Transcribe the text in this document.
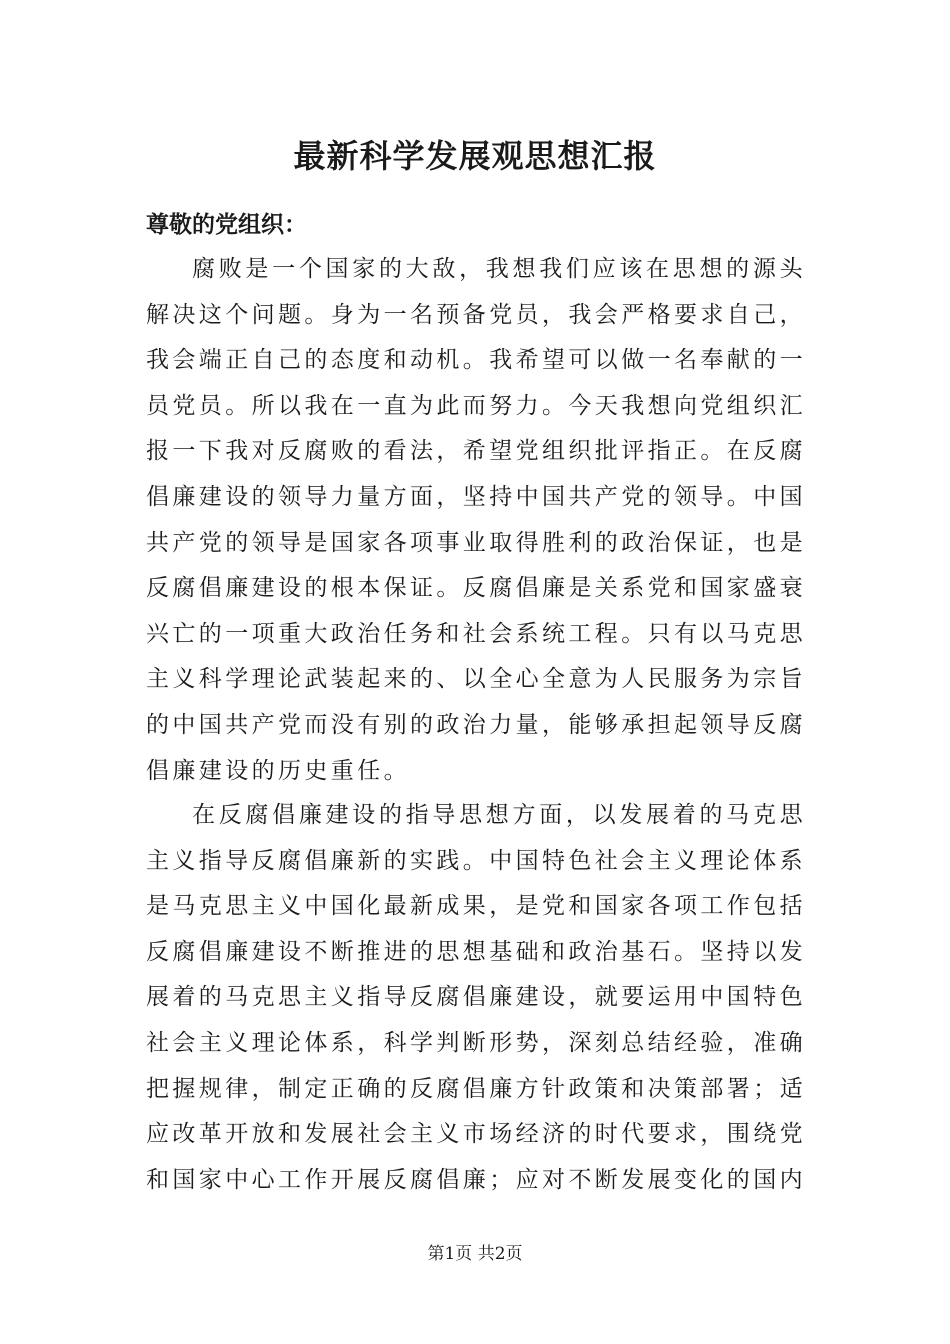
最新科学发展观思想汇报
尊敬的党组织：

腐败是一个国家的大敌，我想我们应该在思想的源头解决这个问题。身为一名预备党员，我会严格要求自己，我会端正自己的态度和动机。我希望可以做一名奉献的一员党员。所以我在一直为此而努力。今天我想向党组织汇报一下我对反腐败的看法，希望党组织批评指正。在反腐倡廉建设的领导力量方面，坚持中国共产党的领导。中国共产党的领导是国家各项事业取得胜利的政治保证，也是反腐倡廉建设的根本保证。反腐倡廉是关系党和国家盛衰兴亡的一项重大政治任务和社会系统工程。只有以马克思主义科学理论武装起来的、以全心全意为人民服务为宗旨的中国共产党而没有别的政治力量，能够承担起领导反腐倡廉建设的历史重任。

在反腐倡廉建设的指导思想方面，以发展着的马克思主义指导反腐倡廉新的实践。中国特色社会主义理论体系是马克思主义中国化最新成果，是党和国家各项工作包括反腐倡廉建设不断推进的思想基础和政治基石。坚持以发展着的马克思主义指导反腐倡廉建设，就要运用中国特色社会主义理论体系，科学判断形势，深刻总结经验，准确把握规律，制定正确的反腐倡廉方针政策和决策部署；适应改革开放和发展社会主义市场经济的时代要求，围绕党和国家中心工作开展反腐倡廉；应对不断发展变化的国内

第1页 共2页
